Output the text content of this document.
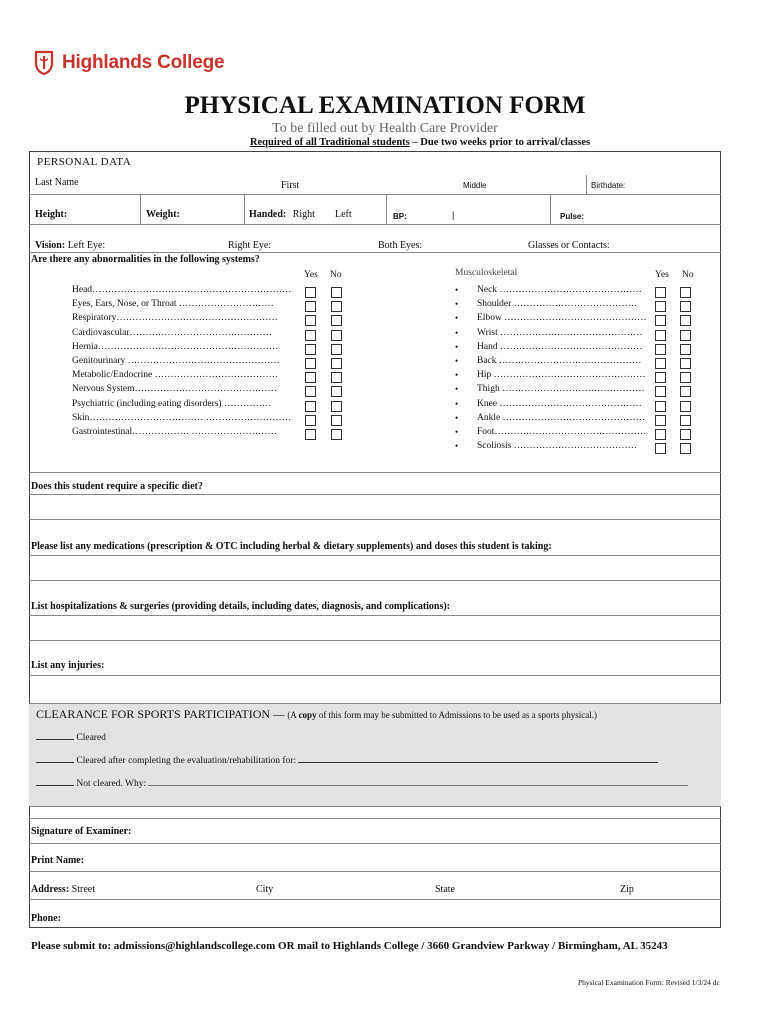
Highlands College
PHYSICAL EXAMINATION FORM
To be filled out by Health Care Provider
Required of all Traditional students – Due two weeks prior to arrival/classes
PERSONAL DATA
Last Name	First	Middle	Birthdate:
Height:	Weight:	Handed: Right Left	BP:	|	Pulse:
Vision: Left Eye:	Right Eye:	Both Eyes:	Glasses or Contacts:
Are there any abnormalities in the following systems?
Yes No	Musculoskeletal	Yes No
Head………………………………………………………
Eyes, Ears, Nose, or Throat …………………………
Respiratory……………………………………………
Cardiovascular………………………………………
Hernia…………………………………………………
Genitourinary …………………………………………
Metabolic/Endocrine …………………………………
Nervous System………………………………………
Psychiatric (including eating disorders) ……………
Skin……………………………… ………………………
Gastrointestinal……………… ………………………
• Neck ………………………………………
• Shoulder …………………………………
• Elbow ………………………………………
• Wrist ………………………………………
• Hand ………………………………………
• Back ………………………………………
• Hip …………………………………………
• Thigh ………………………………………
• Knee ………………………………………
• Ankle ………………………………………
• Foot…………………………………………
• Scoliosis …………………………………
Does this student require a specific diet?
Please list any medications (prescription & OTC including herbal & dietary supplements) and doses this student is taking:
List hospitalizations & surgeries (providing details, including dates, diagnosis, and complications):
List any injuries:
CLEARANCE FOR SPORTS PARTICIPATION — (A copy of this form may be submitted to Admissions to be used as a sports physical.)
Cleared
Cleared after completing the evaluation/rehabilitation for:
Not cleared. Why:
Signature of Examiner:
Print Name:
Address: Street	City	State	Zip
Phone:
Please submit to: admissions@highlandscollege.com OR mail to Highlands College / 3660 Grandview Parkway / Birmingham, AL 35243
Physical Examination Form: Revised 1/3/24 dc
